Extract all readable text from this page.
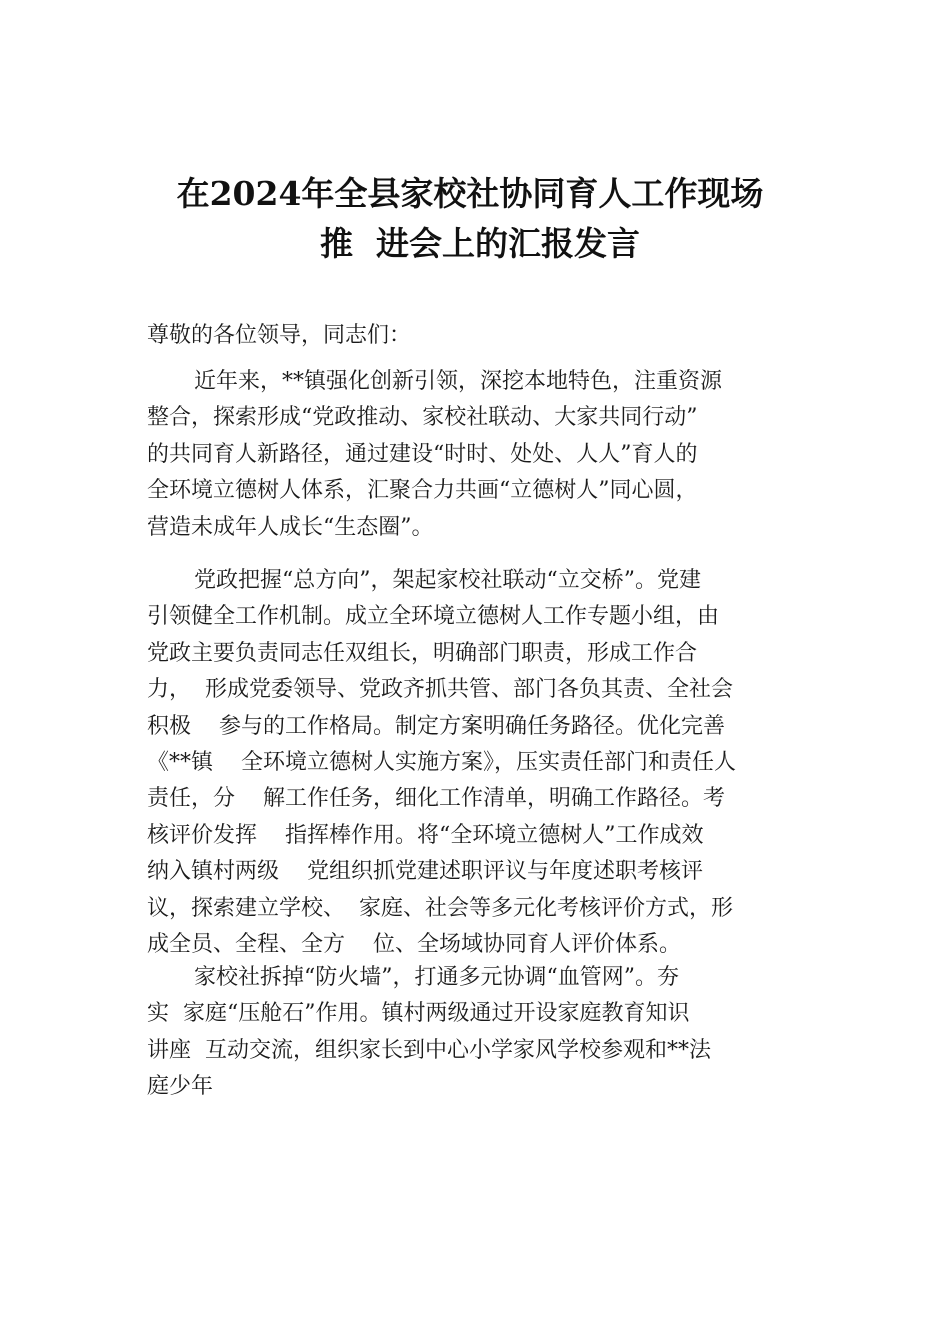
在2024年全县家校社协同育人工作现场
推  进会上的汇报发言

尊敬的各位领导，同志们：

近年来，**镇强化创新引领，深挖本地特色，注重资源
整合，探索形成“党政推动、家校社联动、大家共同行动”
的共同育人新路径，通过建设“时时、处处、人人”育人的
全环境立德树人体系，汇聚合力共画“立德树人”同心圆，
营造未成年人成长“生态圈”。
党政把握“总方向”，架起家校社联动“立交桥”。党建
引领健全工作机制。成立全环境立德树人工作专题小组，由
党政主要负责同志任双组长，明确部门职责，形成工作合
力，  形成党委领导、党政齐抓共管、部门各负其责、全社会
积极    参与的工作格局。制定方案明确任务路径。优化完善
《**镇    全环境立德树人实施方案》，压实责任部门和责任人
责任，分    解工作任务，细化工作清单，明确工作路径。考
核评价发挥    指挥棒作用。将“全环境立德树人”工作成效
纳入镇村两级    党组织抓党建述职评议与年度述职考核评
议，探索建立学校、  家庭、社会等多元化考核评价方式，形
成全员、全程、全方    位、全场域协同育人评价体系。
家校社拆掉“防火墙”，打通多元协调“血管网”。夯
实  家庭“压舱石”作用。镇村两级通过开设家庭教育知识
讲座  互动交流，组织家长到中心小学家风学校参观和**法
庭少年
